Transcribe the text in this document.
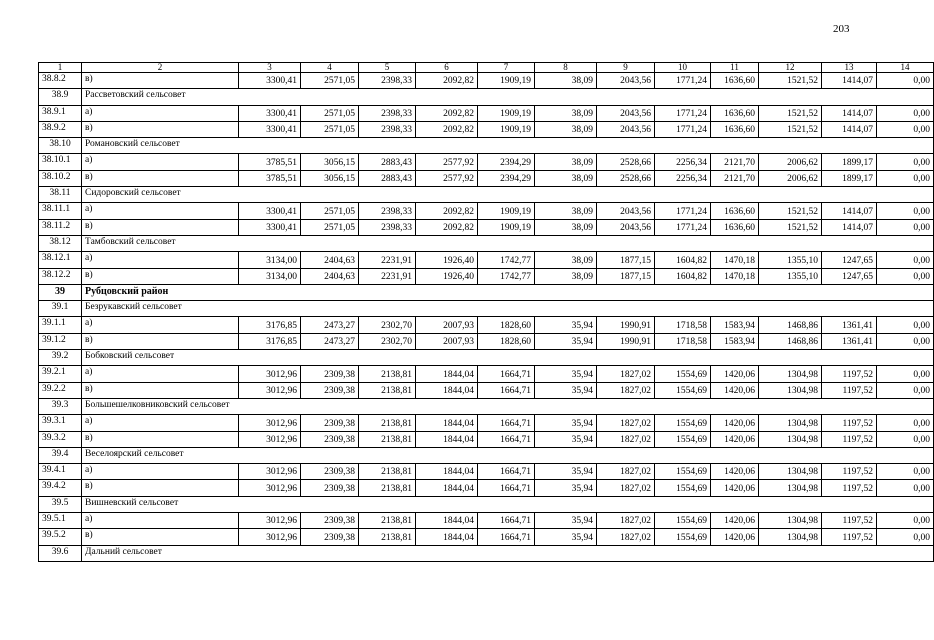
203
1	2	3	4	5	6	7	8	9	10	11	12	13	14
38.8.2	в)	3300,41	2571,05	2398,33	2092,82	1909,19	38,09	2043,56	1771,24	1636,60	1521,52	1414,07	0,00
38.9	Рассветовский сельсовет												
38.9.1	а)	3300,41	2571,05	2398,33	2092,82	1909,19	38,09	2043,56	1771,24	1636,60	1521,52	1414,07	0,00
38.9.2	в)	3300,41	2571,05	2398,33	2092,82	1909,19	38,09	2043,56	1771,24	1636,60	1521,52	1414,07	0,00
38.10	Романовский сельсовет												
38.10.1	а)	3785,51	3056,15	2883,43	2577,92	2394,29	38,09	2528,66	2256,34	2121,70	2006,62	1899,17	0,00
38.10.2	в)	3785,51	3056,15	2883,43	2577,92	2394,29	38,09	2528,66	2256,34	2121,70	2006,62	1899,17	0,00
38.11	Сидоровский сельсовет												
38.11.1	а)	3300,41	2571,05	2398,33	2092,82	1909,19	38,09	2043,56	1771,24	1636,60	1521,52	1414,07	0,00
38.11.2	в)	3300,41	2571,05	2398,33	2092,82	1909,19	38,09	2043,56	1771,24	1636,60	1521,52	1414,07	0,00
38.12	Тамбовский сельсовет												
38.12.1	а)	3134,00	2404,63	2231,91	1926,40	1742,77	38,09	1877,15	1604,82	1470,18	1355,10	1247,65	0,00
38.12.2	в)	3134,00	2404,63	2231,91	1926,40	1742,77	38,09	1877,15	1604,82	1470,18	1355,10	1247,65	0,00
39	Рубцовский район												
39.1	Безрукавский сельсовет												
39.1.1	а)	3176,85	2473,27	2302,70	2007,93	1828,60	35,94	1990,91	1718,58	1583,94	1468,86	1361,41	0,00
39.1.2	в)	3176,85	2473,27	2302,70	2007,93	1828,60	35,94	1990,91	1718,58	1583,94	1468,86	1361,41	0,00
39.2	Бобковский сельсовет												
39.2.1	а)	3012,96	2309,38	2138,81	1844,04	1664,71	35,94	1827,02	1554,69	1420,06	1304,98	1197,52	0,00
39.2.2	в)	3012,96	2309,38	2138,81	1844,04	1664,71	35,94	1827,02	1554,69	1420,06	1304,98	1197,52	0,00
39.3	Большешелковниковский сельсовет												
39.3.1	а)	3012,96	2309,38	2138,81	1844,04	1664,71	35,94	1827,02	1554,69	1420,06	1304,98	1197,52	0,00
39.3.2	в)	3012,96	2309,38	2138,81	1844,04	1664,71	35,94	1827,02	1554,69	1420,06	1304,98	1197,52	0,00
39.4	Веселоярский сельсовет												
39.4.1	а)	3012,96	2309,38	2138,81	1844,04	1664,71	35,94	1827,02	1554,69	1420,06	1304,98	1197,52	0,00
39.4.2	в)	3012,96	2309,38	2138,81	1844,04	1664,71	35,94	1827,02	1554,69	1420,06	1304,98	1197,52	0,00
39.5	Вишневский сельсовет												
39.5.1	а)	3012,96	2309,38	2138,81	1844,04	1664,71	35,94	1827,02	1554,69	1420,06	1304,98	1197,52	0,00
39.5.2	в)	3012,96	2309,38	2138,81	1844,04	1664,71	35,94	1827,02	1554,69	1420,06	1304,98	1197,52	0,00
39.6	Дальний сельсовет												
